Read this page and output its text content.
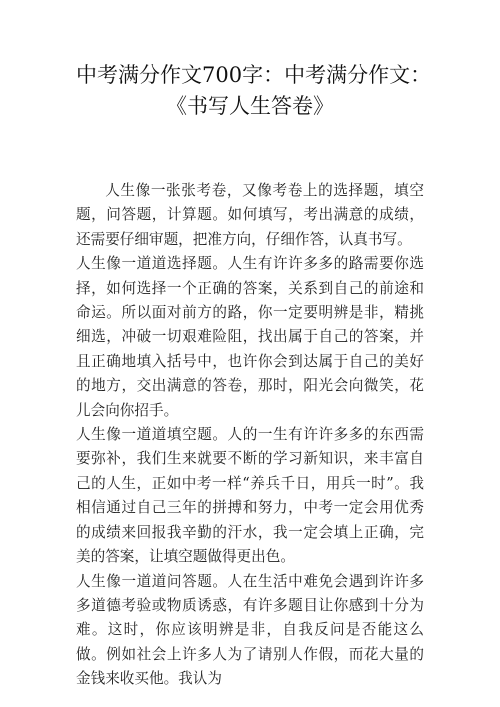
中考满分作文700字：中考满分作文：
《书写人生答卷》

人生像一张张考卷，又像考卷上的选择题，填空题，问答题，计算题。如何填写，考出满意的成绩，还需要仔细审题，把准方向，仔细作答，认真书写。

人生像一道道选择题。人生有许许多多的路需要你选择，如何选择一个正确的答案，关系到自己的前途和命运。所以面对前方的路，你一定要明辨是非，精挑细选，冲破一切艰难险阻，找出属于自己的答案，并且正确地填入括号中，也许你会到达属于自己的美好的地方，交出满意的答卷，那时，阳光会向微笑，花儿会向你招手。

人生像一道道填空题。人的一生有许许多多的东西需要弥补，我们生来就要不断的学习新知识，来丰富自己的人生，正如中考一样“养兵千日，用兵一时”。我相信通过自己三年的拼搏和努力，中考一定会用优秀的成绩来回报我辛勤的汗水，我一定会填上正确，完美的答案，让填空题做得更出色。

人生像一道道问答题。人在生活中难免会遇到许许多多道德考验或物质诱惑，有许多题目让你感到十分为难。这时，你应该明辨是非，自我反问是否能这么做。例如社会上许多人为了请别人作假，而花大量的金钱来收买他。我认为
